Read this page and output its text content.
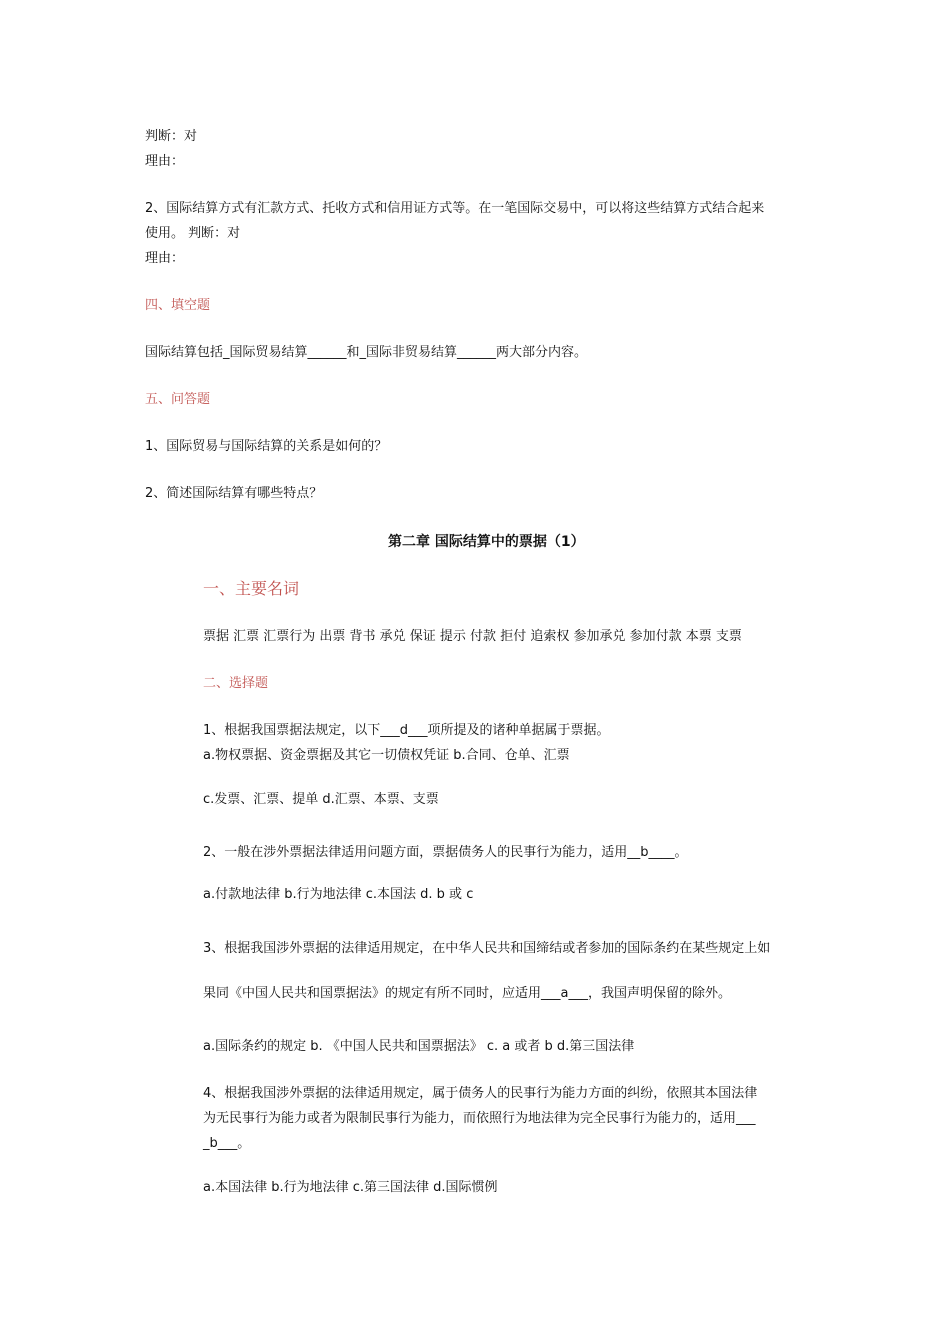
判断：对
理由：
2、国际结算方式有汇款方式、托收方式和信用证方式等。在一笔国际交易中，可以将这些结算方式结合起来
使用。 判断：对
理由：
四、填空题
国际结算包括_国际贸易结算______和_国际非贸易结算______两大部分内容。
五、问答题
1、国际贸易与国际结算的关系是如何的？
2、简述国际结算有哪些特点？
第二章 国际结算中的票据（1）
一、主要名词
票据 汇票 汇票行为 出票 背书 承兑 保证 提示 付款 拒付 追索权 参加承兑 参加付款 本票 支票
二、选择题
1、根据我国票据法规定，以下___d___项所提及的诸种单据属于票据。
a.物权票据、资金票据及其它一切债权凭证 b.合同、仓单、汇票
c.发票、汇票、提单 d.汇票、本票、支票
2、一般在涉外票据法律适用问题方面，票据债务人的民事行为能力，适用__b____。
a.付款地法律 b.行为地法律 c.本国法 d. b 或 c
3、根据我国涉外票据的法律适用规定，在中华人民共和国缔结或者参加的国际条约在某些规定上如
果同《中国人民共和国票据法》的规定有所不同时，应适用___a___，我国声明保留的除外。
a.国际条约的规定 b. 《中国人民共和国票据法》 c. a 或者 b d.第三国法律
4、根据我国涉外票据的法律适用规定，属于债务人的民事行为能力方面的纠纷，依照其本国法律
为无民事行为能力或者为限制民事行为能力，而依照行为地法律为完全民事行为能力的，适用___
_b___。
a.本国法律 b.行为地法律 c.第三国法律 d.国际惯例
